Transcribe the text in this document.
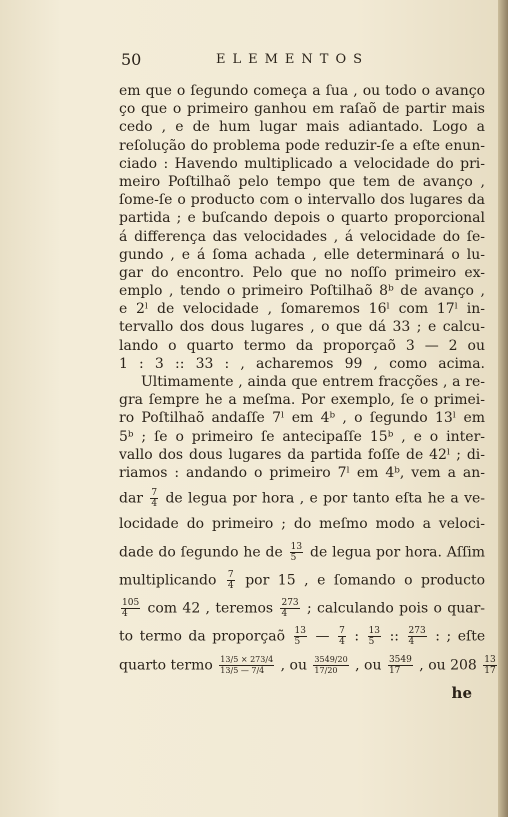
50	ELEMENTOS
em que o ſegundo começa a ſua , ou todo o avanço
ço que o primeiro ganhou em raſaõ de partir mais
cedo , e de hum lugar mais adiantado. Logo a
reſolução do problema pode reduzir-ſe a eſte enun-
ciado : Havendo multiplicado a velocidade do pri-
meiro Poſtilhaõ pelo tempo que tem de avanço ,
ſome-ſe o producto com o intervallo dos lugares da
partida ; e buſcando depois o quarto proporcional
á differença das velocidades , á velocidade do ſe-
gundo , e á ſoma achada , elle determinará o lu-
gar do encontro. Pelo que no noſſo primeiro ex-
emplo , tendo o primeiro Poſtilhaõ 8ᵇ de avanço ,
e 2ˡ de velocidade , ſomaremos 16ˡ com 17ˡ in-
tervallo dos dous lugares , o que dá 33 ; e calcu-
lando o quarto termo da proporçaõ 3 — 2 ou
1 : 3 :: 33 : , acharemos 99 , como acima.
Ultimamente , ainda que entrem fracções , a re-
gra ſempre he a meſma. Por exemplo, ſe o primei-
ro Poſtilhaõ andaſſe 7ˡ em 4ᵇ , o ſegundo 13ˡ em
5ᵇ ; ſe o primeiro ſe antecipaſſe 15ᵇ , e o inter-
vallo dos dous lugares da partida foſſe de 42ˡ ; di-
riamos : andando o primeiro 7ˡ em 4ᵇ, vem a an-
dar $\frac{7}{4}$ de legua por hora , e por tanto eſta he a ve-
locidade do primeiro ; do meſmo modo a veloci-
dade do ſegundo he de $\frac{13}{5}$ de legua por hora. Aſſim
multiplicando $\frac{7}{4}$ por 15 , e ſomando o producto
$\frac{105}{4}$ com 42 , teremos $\frac{273}{4}$ ; calculando pois o quar-
to termo da proporçaõ $\frac{13}{5}$ — $\frac{7}{4}$ : $\frac{13}{5}$ :: $\frac{273}{4}$ : ; eſte
quarto termo $\frac{13/5 \times 273/4}{13/5 — 7/4}$ , ou $\frac{3549/20}{17/20}$ , ou $\frac{3549}{17}$ , ou $208 \frac{13}{17}$
he
